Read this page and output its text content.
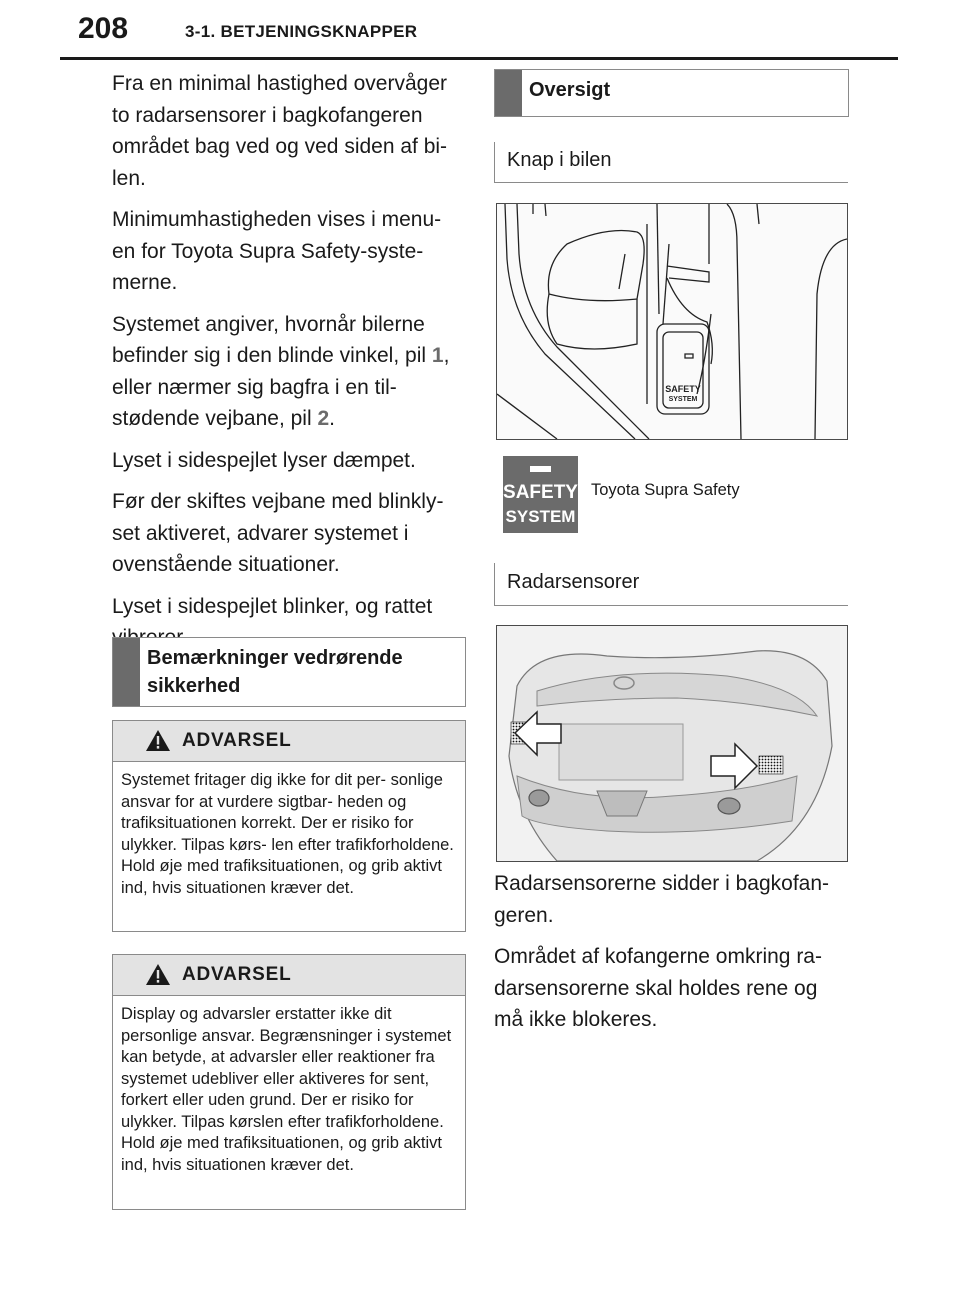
208	3-1. BETJENINGSKNAPPER

Fra en minimal hastighed overvåger to radarsensorer i bagkofangeren området bag ved og ved siden af bi- len.

Minimumhastigheden vises i menu- en for Toyota Supra Safety-syste- merne.

Systemet angiver, hvornår bilerne befinder sig i den blinde vinkel, pil 1, eller nærmer sig bagfra i en til- stødende vejbane, pil 2.

Lyset i sidespejlet lyser dæmpet.

Før der skiftes vejbane med blinkly- set aktiveret, advarer systemet i ovenstående situationer.

Lyset i sidespejlet blinker, og rattet

Bemærkninger vedrørende sikkerhed
ADVARSEL
Systemet fritager dig ikke for dit per- sonlige ansvar for at vurdere sigtbar- heden og trafiksituationen korrekt. Der er risiko for ulykker. Tilpas kørs- len efter trafikforholdene. Hold øje med trafiksituationen, og grib aktivt ind, hvis situationen kræver det.
ADVARSEL
Display og advarsler erstatter ikke dit personlige ansvar. Begrænsninger i systemet kan betyde, at advarsler eller reaktioner fra systemet udebliver eller aktiveres for sent, forkert eller uden grund. Der er risiko for ulykker. Tilpas kørslen efter trafikforholdene. Hold øje med trafiksituationen, og grib aktivt ind, hvis situationen kræver det.
Oversigt
Knap i bilen
SAFETY
SYSTEM
SAFETY
SYSTEM
Toyota Supra Safety
Radarsensorer

Radarsensorerne sidder i bagkofan- geren.

Området af kofangerne omkring ra- darsensorerne skal holdes rene og må ikke blokeres.
